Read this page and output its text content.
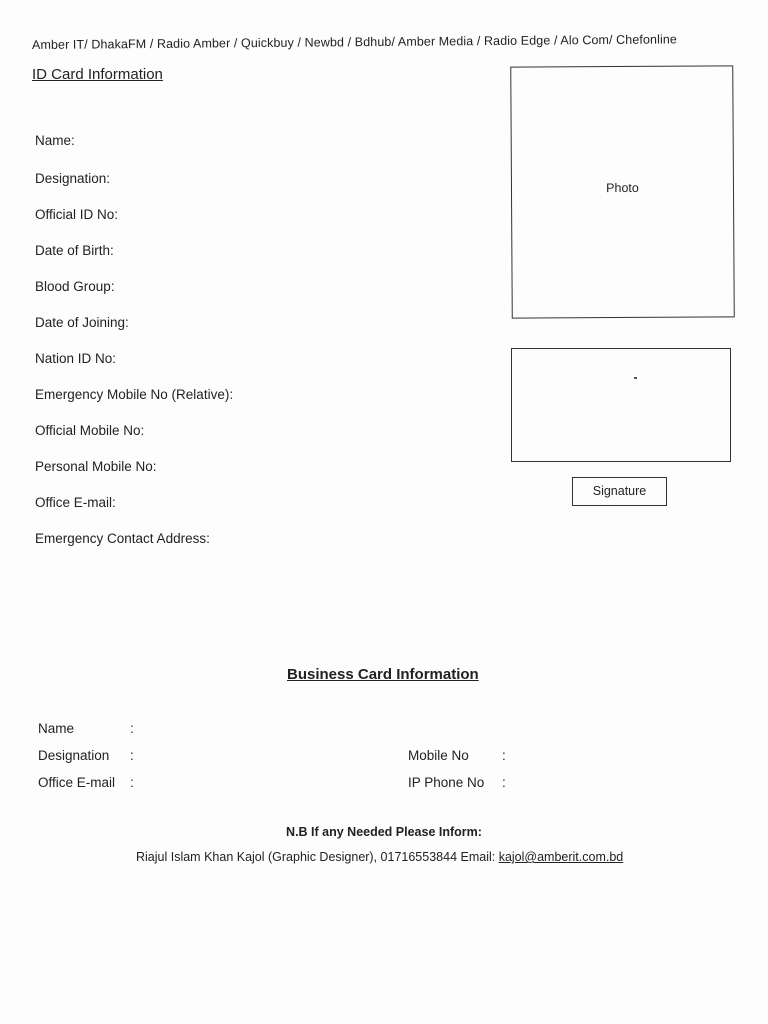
Amber IT/ DhakaFM / Radio Amber / Quickbuy / Newbd / Bdhub/ Amber Media / Radio Edge / Alo Com/ Chefonline
ID Card Information
Name:
Designation:
Official ID No:
Date of Birth:
Blood Group:
Date of Joining:
Nation ID No:
Emergency Mobile No (Relative):
Official Mobile No:
Personal Mobile No:
Office E-mail:
Emergency Contact Address:
Photo
Signature
Business Card Information
Name	:
Designation :	Mobile No :
Office E-mail :	IP Phone No :
N.B If any Needed Please Inform:
Riajul Islam Khan Kajol (Graphic Designer), 01716553844 Email: kajol@amberit.com.bd
